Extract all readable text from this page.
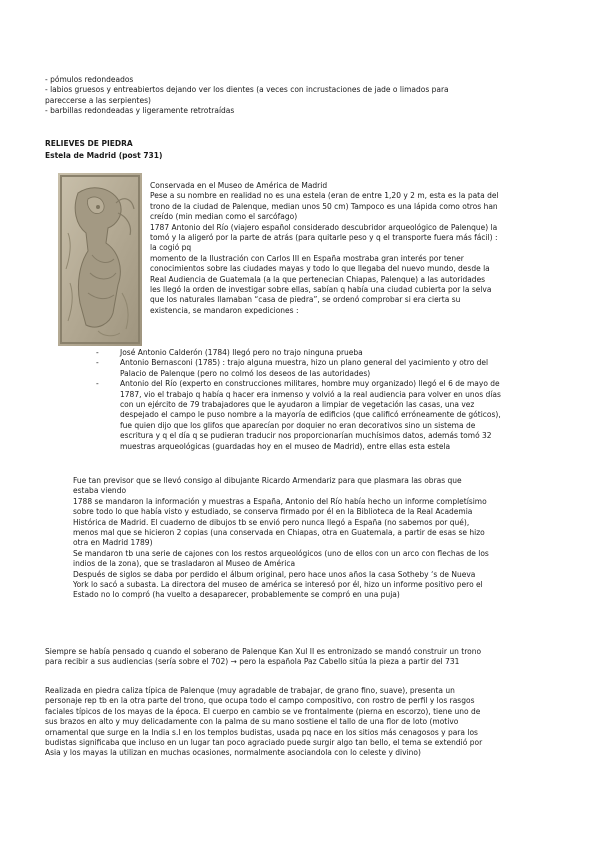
- pómulos redondeados
- labios gruesos y entreabiertos dejando ver los dientes (a veces con incrustaciones de jade o limados para
pareccerse a las serpientes)
- barbillas redondeadas y ligeramente retrotraídas
RELIEVES DE PIEDRA
Estela de Madrid (post 731)
Conservada en el Museo de América de Madrid
Pese a su nombre en realidad no es una estela (eran de entre 1,20 y 2 m, esta es la pata del
trono de la ciudad de Palenque, median unos 50 cm) Tampoco es una lápida como otros han
creído (min median como el sarcófago)
1787 Antonio del Río (viajero español considerado descubridor arqueológico de Palenque) la
tomó y la aligeró por la parte de atrás (para quitarle peso y q el transporte fuera más fácil) :
la cogió pq
momento de la Ilustración con Carlos III en España mostraba gran interés por tener
conocimientos sobre las ciudades mayas y todo lo que llegaba del nuevo mundo, desde la
Real Audiencia de Guatemala (a la que pertenecian Chiapas, Palenque) a las autoridades
les llegó la orden de investigar sobre ellas, sabían q había una ciudad cubierta por la selva
que los naturales llamaban “casa de piedra”, se ordenó comprobar si era cierta su
existencia, se mandaron expediciones :
-	José Antonio Calderón (1784) llegó pero no trajo ninguna prueba
-	Antonio Bernasconi (1785) : trajo alguna muestra, hizo un plano general del yacimiento y otro del
Palacio de Palenque (pero no colmó los deseos de las autoridades)
-	Antonio del Río (experto en construcciones militares, hombre muy organizado) llegó el 6 de mayo de
1787, vio el trabajo q había q hacer era inmenso y volvió a la real audiencia para volver en unos días
con un ejército de 79 trabajadores que le ayudaron a limpiar de vegetación las casas, una vez
despejado el campo le puso nombre a la mayoría de edificios (que calificó erróneamente de góticos),
fue quien dijo que los glifos que aparecían por doquier no eran decorativos sino un sistema de
escritura y q el día q se pudieran traducir nos proporcionarían muchísimos datos, además tomó 32
muestras arqueológicas (guardadas hoy en el museo de Madrid), entre ellas esta estela
Fue tan previsor que se llevó consigo al dibujante Ricardo Armendariz para que plasmara las obras que
estaba viendo
1788 se mandaron la información y muestras a España, Antonio del Río había hecho un informe completísimo
sobre todo lo que había visto y estudiado, se conserva firmado por él en la Biblioteca de la Real Academia
Histórica de Madrid. El cuaderno de dibujos tb se envió pero nunca llegó a España (no sabemos por qué),
menos mal que se hicieron 2 copias (una conservada en Chiapas, otra en Guatemala, a partir de esas se hizo
otra en Madrid 1789)
Se mandaron tb una serie de cajones con los restos arqueológicos (uno de ellos con un arco con flechas de los
indios de la zona), que se trasladaron al Museo de América
Después de siglos se daba por perdido el álbum original, pero hace unos años la casa Sotheby ‘s de Nueva
York lo sacó a subasta. La directora del museo de américa se interesó por él, hizo un informe positivo pero el
Estado no lo compró (ha vuelto a desaparecer, probablemente se compró en una puja)
Siempre se había pensado q cuando el soberano de Palenque Kan Xul II es entronizado se mandó construir un trono
para recibir a sus audiencias (sería sobre el 702) → pero la española Paz Cabello sitúa la pieza a partir del 731
Realizada en piedra caliza típica de Palenque (muy agradable de trabajar, de grano fino, suave), presenta un
personaje rep tb en la otra parte del trono, que ocupa todo el campo compositivo, con rostro de perfil y los rasgos
faciales típicos de los mayas de la época. El cuerpo en cambio se ve frontalmente (pierna en escorzo), tiene uno de
sus brazos en alto y muy delicadamente con la palma de su mano sostiene el tallo de una flor de loto (motivo
ornamental que surge en la India s.I en los templos budistas, usada pq nace en los sitios más cenagosos y para los
budistas significaba que incluso en un lugar tan poco agraciado puede surgir algo tan bello, el tema se extendió por
Asia y los mayas la utilizan en muchas ocasiones, normalmente asociandola con lo celeste y divino)
